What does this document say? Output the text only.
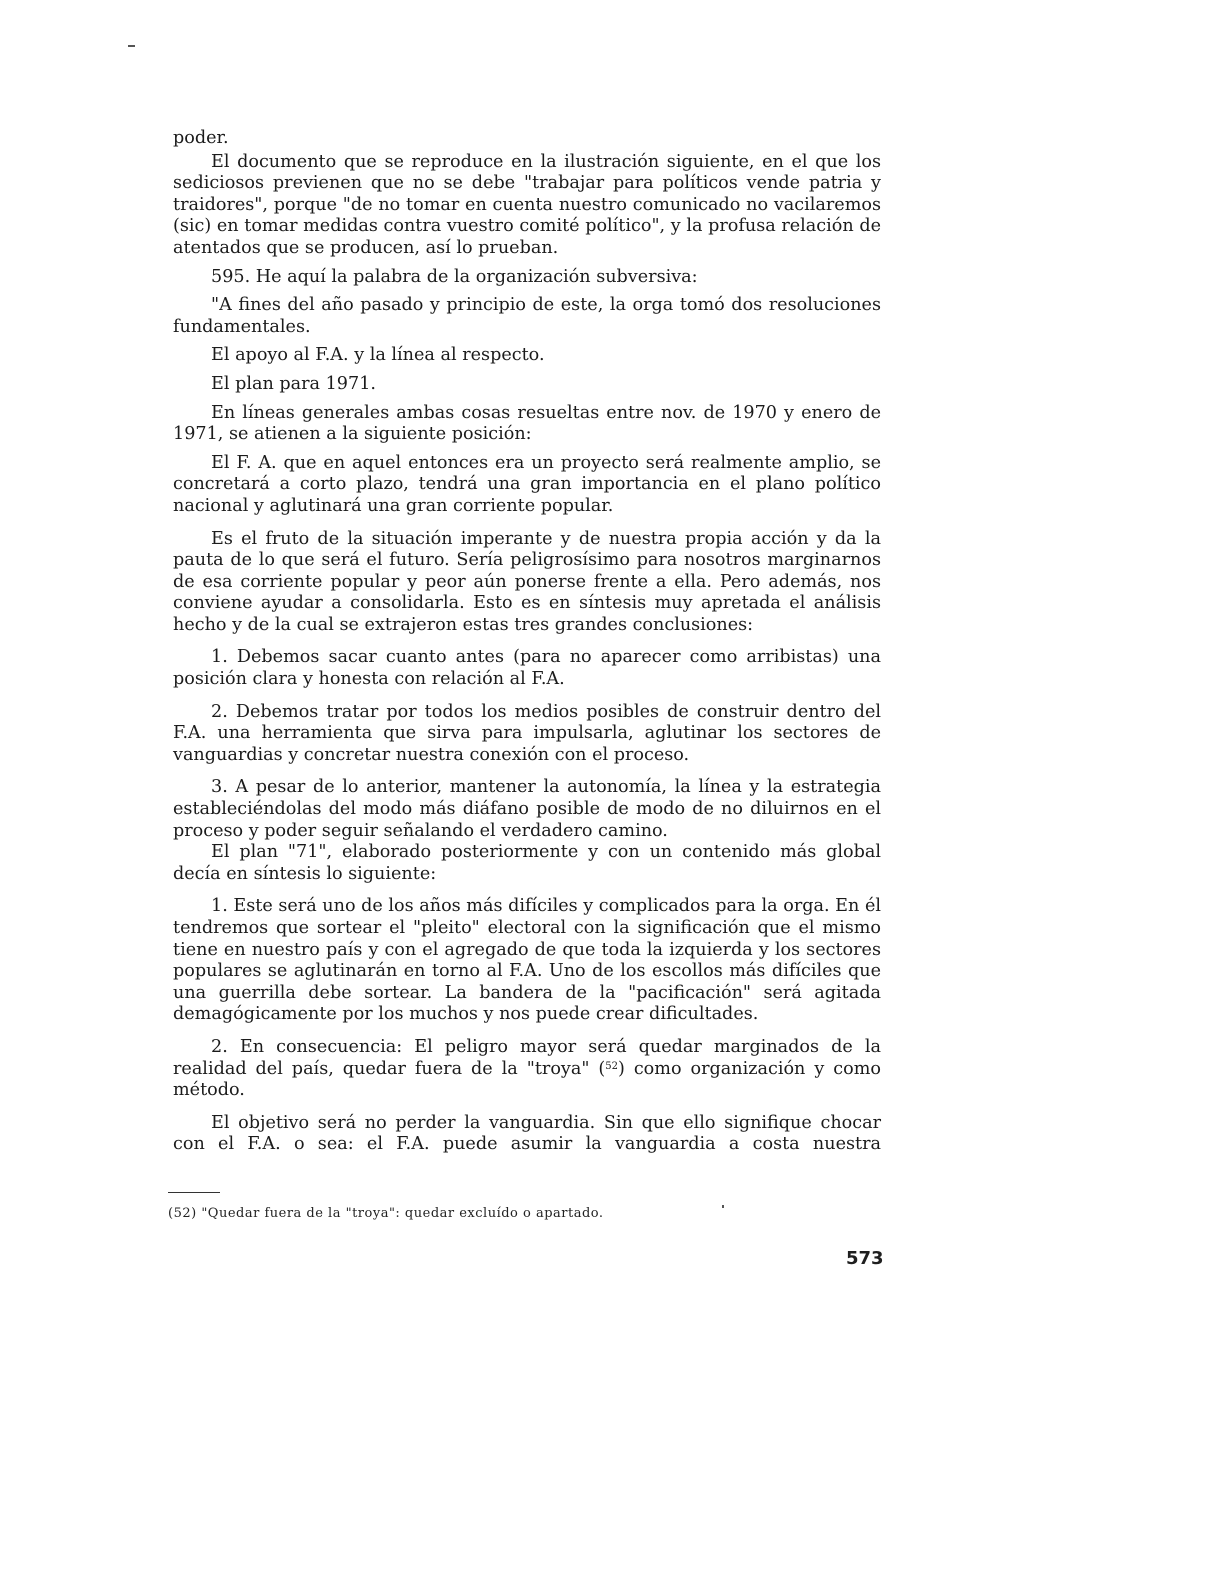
poder.

El documento que se reproduce en la ilustración siguiente, en el que los sediciosos previenen que no se debe "trabajar para políticos vende patria y traidores", porque "de no tomar en cuenta nuestro comunicado no vacilaremos (sic) en tomar medidas contra vuestro comité político", y la profusa relación de atentados que se producen, así lo prueban.

595. He aquí la palabra de la organización subversiva:

"A fines del año pasado y principio de este, la orga tomó dos resoluciones fundamentales.

El apoyo al F.A. y la línea al respecto.

El plan para 1971.

En líneas generales ambas cosas resueltas entre nov. de 1970 y enero de 1971, se atienen a la siguiente posición:

El F. A. que en aquel entonces era un proyecto será realmente amplio, se concretará a corto plazo, tendrá una gran importancia en el plano político nacional y aglutinará una gran corriente popular.

Es el fruto de la situación imperante y de nuestra propia acción y da la pauta de lo que será el futuro. Sería peligrosísimo para nosotros marginarnos de esa corriente popular y peor aún ponerse frente a ella. Pero además, nos conviene ayudar a consolidarla. Esto es en síntesis muy apretada el análisis hecho y de la cual se extrajeron estas tres grandes conclusiones:

1. Debemos sacar cuanto antes (para no aparecer como arribistas) una posición clara y honesta con relación al F.A.

2. Debemos tratar por todos los medios posibles de construir dentro del F.A. una herramienta que sirva para impulsarla, aglutinar los sectores de vanguardias y concretar nuestra conexión con el proceso.

3. A pesar de lo anterior, mantener la autonomía, la línea y la estrategia estableciéndolas del modo más diáfano posible de modo de no diluirnos en el proceso y poder seguir señalando el verdadero camino.

El plan "71", elaborado posteriormente y con un contenido más global decía en síntesis lo siguiente:

1. Este será uno de los años más difíciles y complicados para la orga. En él tendremos que sortear el "pleito" electoral con la significación que el mismo tiene en nuestro país y con el agregado de que toda la izquierda y los sectores populares se aglutinarán en torno al F.A. Uno de los escollos más difíciles que una guerrilla debe sortear. La bandera de la "pacificación" será agitada demagógicamente por los muchos y nos puede crear dificultades.

2. En consecuencia: El peligro mayor será quedar marginados de la realidad del país, quedar fuera de la "troya" ($^{52}$) como organización y como método.

El objetivo será no perder la vanguardia. Sin que ello signifique chocar con el F.A. o sea: el F.A. puede asumir la vanguardia a costa nuestra

(52) "Quedar fuera de la "troya": quedar excluído o apartado.

573
